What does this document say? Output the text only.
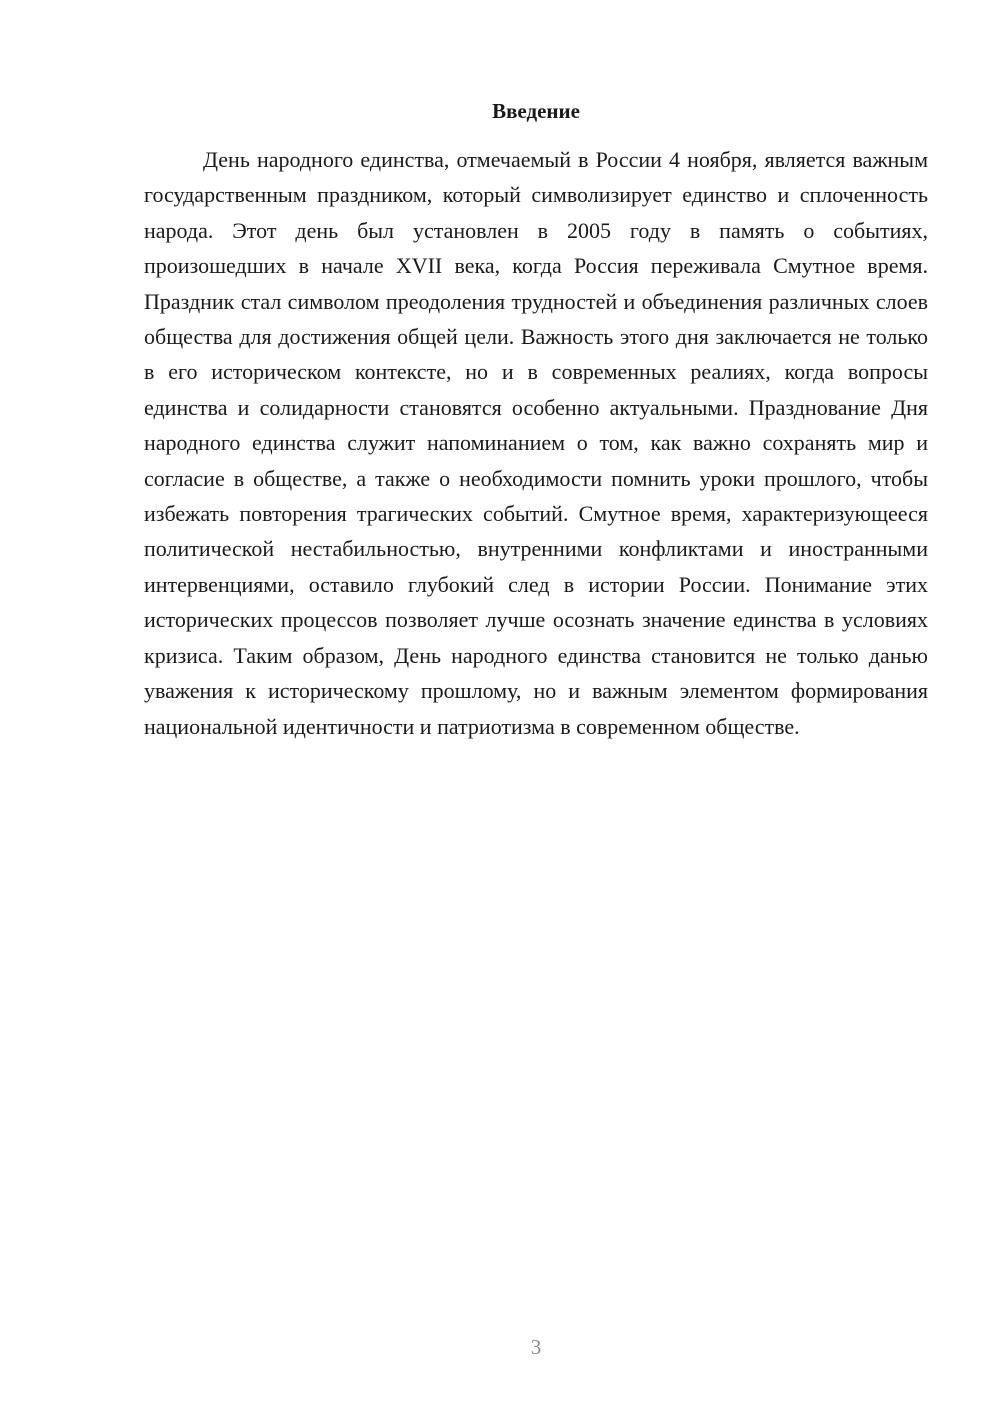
Введение

День народного единства, отмечаемый в России 4 ноября, является важным государственным праздником, который символизирует единство и сплоченность народа. Этот день был установлен в 2005 году в память о событиях, произошедших в начале XVII века, когда Россия переживала Смутное время. Праздник стал символом преодоления трудностей и объединения различных слоев общества для достижения общей цели. Важность этого дня заключается не только в его историческом контексте, но и в современных реалиях, когда вопросы единства и солидарности становятся особенно актуальными. Празднование Дня народного единства служит напоминанием о том, как важно сохранять мир и согласие в обществе, а также о необходимости помнить уроки прошлого, чтобы избежать повторения трагических событий. Смутное время, характеризующееся политической нестабильностью, внутренними конфликтами и иностранными интервенциями, оставило глубокий след в истории России. Понимание этих исторических процессов позволяет лучше осознать значение единства в условиях кризиса. Таким образом, День народного единства становится не только данью уважения к историческому прошлому, но и важным элементом формирования национальной идентичности и патриотизма в современном обществе.

3
